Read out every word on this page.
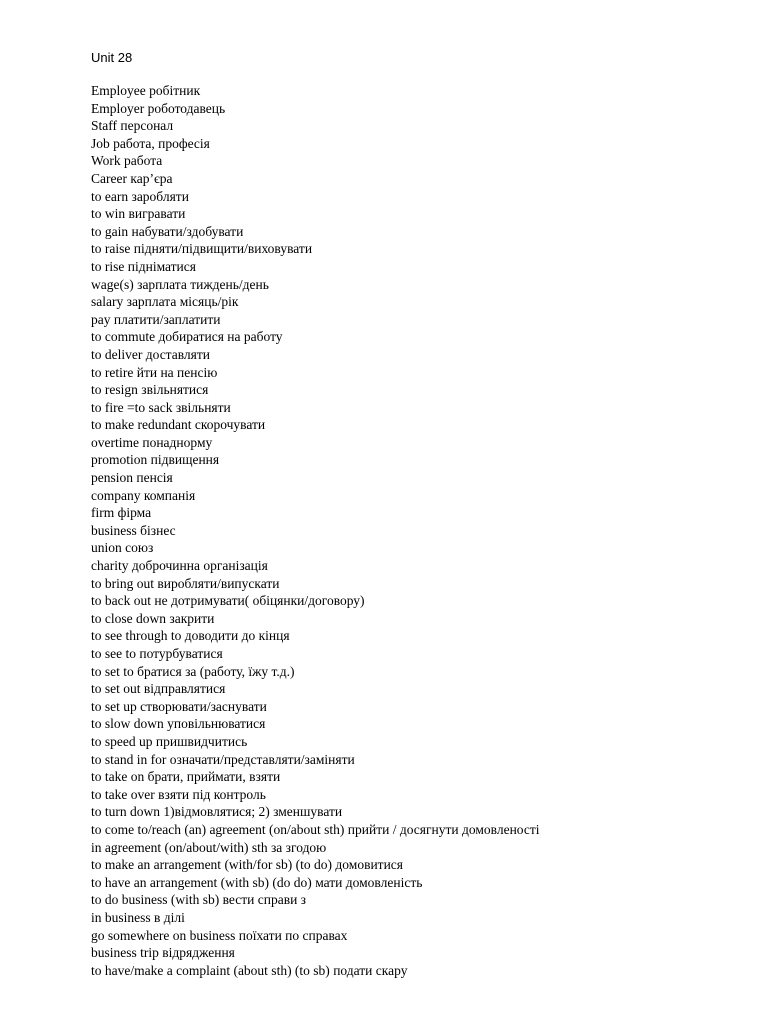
Unit 28
Employee робітник
Employer роботодавець
Staff персонал
Job работа, професія
Work работа
Career кар’єра
to earn заробляти
to win вигравати
to gain набувати/здобувати
to raise підняти/підвищити/виховувати
to rise підніматися
wage(s) зарплата тиждень/день
salary зарплата місяць/рік
pay платити/заплатити
to commute добиратися на работу
to deliver доставляти
to retire йти на пенсію
to resign звільнятися
to fire =to sack звільняти
to make redundant скорочувати
overtime понаднорму
promotion підвищення
pension пенсія
company компанія
firm фірма
business бізнес
union союз
charity доброчинна організація
to bring out виробляти/випускати
to back out не дотримувати( обіцянки/договору)
to close down закрити
to see through to доводити до кінця
to see to потурбуватися
to set to братися за (работу, їжу т.д.)
to set out відправлятися
to set up створювати/заснувати
to slow down уповільнюватися
to speed up пришвидчитись
to stand in for означати/представляти/заміняти
to take on брати, приймати, взяти
to take over взяти під контроль
to turn down 1)відмовлятися; 2) зменшувати
to come to/reach (an) agreement (on/about sth) прийти / досягнути домовленості
in agreement (on/about/with) sth за згодою
to make an arrangement (with/for sb) (to do) домовитися
to have an arrangement (with sb) (do do) мати домовленість
to do business (with sb) вести справи з
in business в ділі
go somewhere on business поїхати по справах
business trip відрядження
to have/make a complaint (about sth) (to sb) подати скару
